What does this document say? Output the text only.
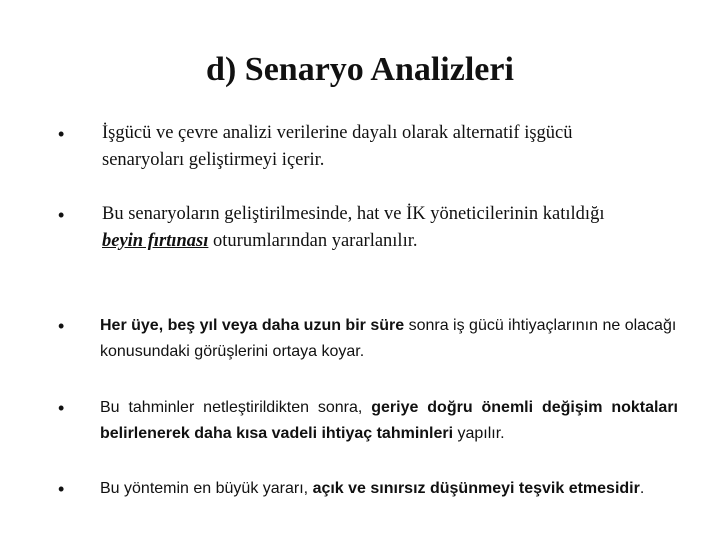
d) Senaryo Analizleri
• İşgücü ve çevre analizi verilerine dayalı olarak alternatif işgücü
senaryoları geliştirmeyi içerir.
• Bu senaryoların geliştirilmesinde, hat ve İK yöneticilerinin katıldığı
beyin fırtınası oturumlarından yararlanılır.
• Her üye, beş yıl veya daha uzun bir süre sonra iş gücü ihtiyaçlarının ne olacağı konusundaki görüşlerini ortaya koyar.
• Bu tahminler netleştirildikten sonra, geriye doğru önemli değişim noktaları belirlenerek daha kısa vadeli ihtiyaç tahminleri yapılır.
• Bu yöntemin en büyük yararı, açık ve sınırsız düşünmeyi teşvik etmesidir.
